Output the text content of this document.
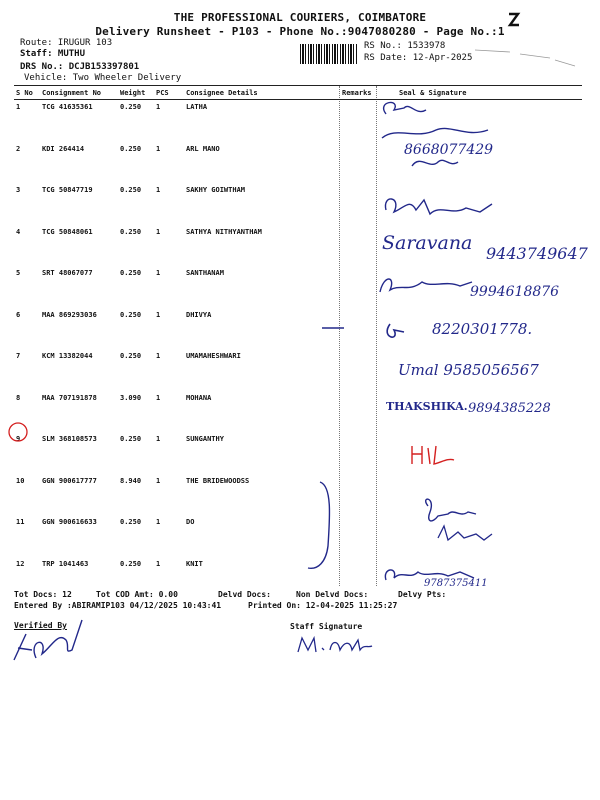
THE PROFESSIONAL COURIERS, COIMBATORE
Delivery Runsheet - P103 - Phone No.:9047080280 - Page No.:1
Route: IRUGUR 103
Staff: MUTHU
DRS No.: DCJB153397801
Vehicle: Two Wheeler Delivery
RS No.: 1533978
RS Date: 12-Apr-2025
S No	Consignment No	Weight	PCS	Consignee Details	Remarks	Seal & Signature
1	TCG 41635361	0.250	1	LATHA		
2	KDI 264414	0.250	1	ARL MANO		
3	TCG 50847719	0.250	1	SAKHY GOIWTHAM		
4	TCG 50848061	0.250	1	SATHYA NITHYANTHAM		
5	SRT 48067077	0.250	1	SANTHANAM		
6	MAA 869293036	0.250	1	DHIVYA		
7	KCM 13382044	0.250	1	UMAMAHESHWARI		
8	MAA 707191878	3.090	1	MOHANA		
9	SLM 368108573	0.250	1	SUNGANTHY		
10	GGN 900617777	8.940	1	THE BRIDEWOODSS		
11	GGN 900616633	0.250	1	DO		
12	TRP 1041463	0.250	1	KNIT		
8668077429
Saravana 9443749647
9994618876
8220301778.
Umal 9585056567
THAKSHIKA. 9894385228
9787375411
Tot Docs: 12	Tot COD Amt: 0.00	Delvd Docs:	Non Delvd Docs:	Delvy Pts:
Entered By :ABIRAMIP103 04/12/2025 10:43:41	Printed On: 12-04-2025 11:25:27
Verified By	Staff Signature
